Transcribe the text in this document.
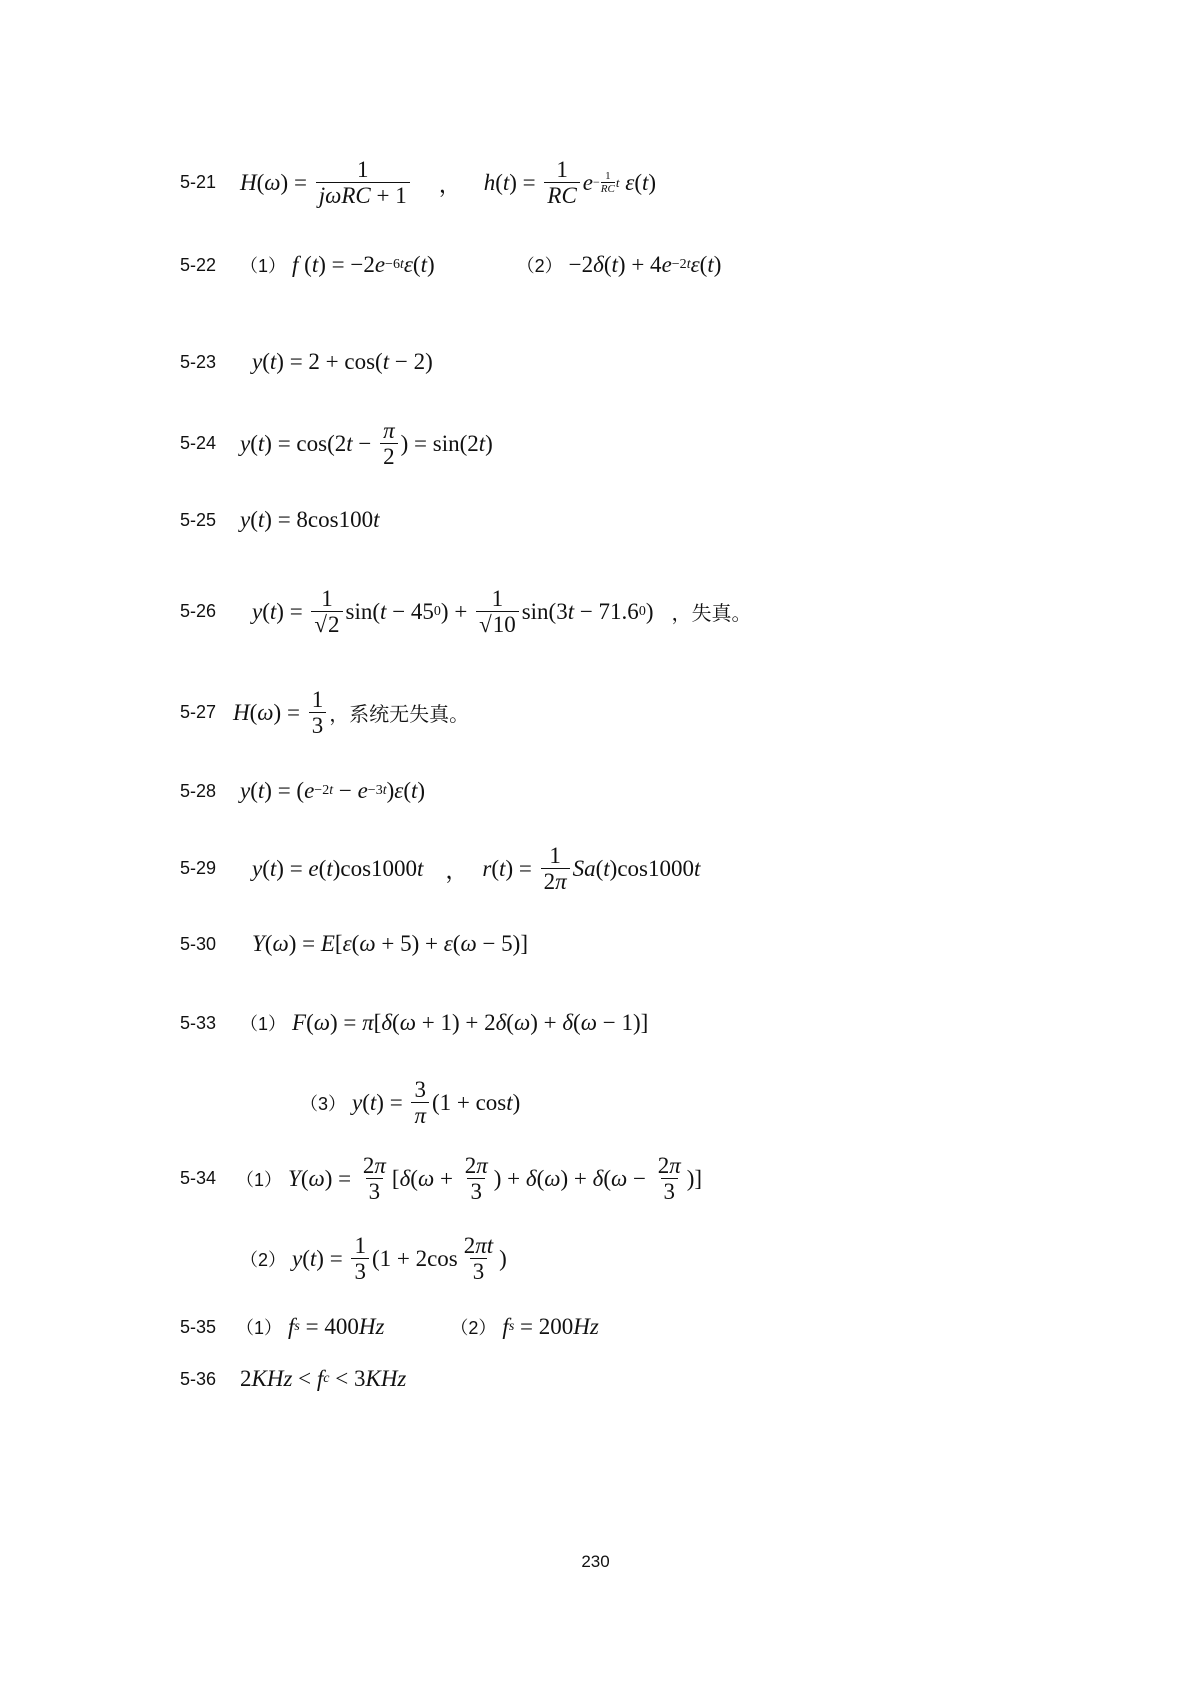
5-21	H ( ω ) = $\frac{1}{\text{jωRC + 1}}$ ， h ( t ) = $\frac{1}{RC}$ $e - \frac{1}{RC}$ t
ε ( t )
5-22	（1） f ( t ) = −2 e −6t ε ( t )	（2） −2 δ ( t ) + 4 e −2t ε ( t )
5-23	y ( t ) = 2 + cos( t − 2)
5-24	y ( t ) = cos(2 $t - \frac{\pi}{2}$ ) = sin(2 t )
5-25	y ( t ) = 8cos100 t
5-26	y ( t ) = $\frac{1}{√2} \sin$( t − 45 0 ) + $\frac{1}{√10} \sin(3$ t − 71.6 0 ) ，失真。
5-27 H ( ω ) = $\frac{1}{3}$ ，系统无失真。
5-28	y ( t ) = ( e −2t − e −3t ) ε ( t )
5-29	y ( t ) = e ( t )cos1000 t ， r ( t ) = $\frac{1}{2\pi}$ Sa ( t )cos1000 t
5-30	Y ( ω ) = E [ ε ( ω + 5) + ε ( ω − 5)]
5-33	（1） F ( ω ) = π [ δ ( ω + 1) + 2 δ ( ω ) + δ ( ω − 1)]
（3） y ( t ) = $\frac{3}{\pi} (1 + \cos t$ )
5-34	（1） Y ( ω ) = $\frac{2\pi}{3}$ [ δ ( $\omega + \frac{2\pi}{3}$ ) + δ ( ω ) + δ ( $\omega - \frac{2\pi}{3}$ )]
（2） y ( t ) = $\frac{1}{3} (1 + 2\cos \frac{2\pi t}{3}$ )
5-35	（1） f s = 400 Hz	（2） f s = 200 Hz
5-36	2 KHz < f c < 3 KHz
230
